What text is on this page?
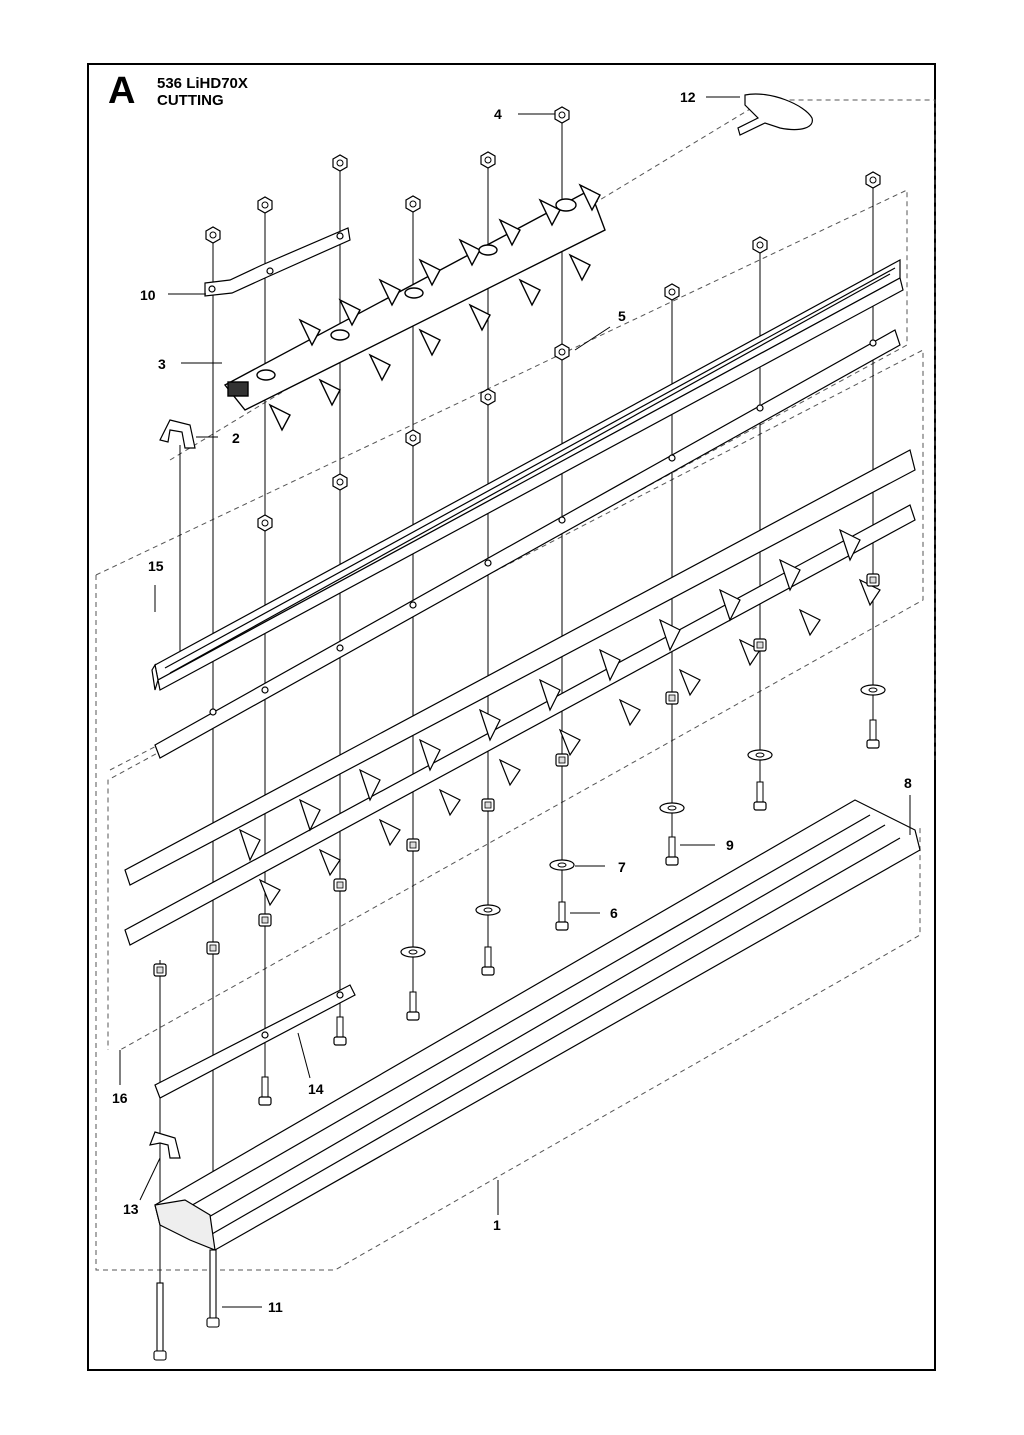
A 536 LiHD70X
CUTTING
4
12
10
3
2
5
15
8
9
7
6
16
14
13
1
11
